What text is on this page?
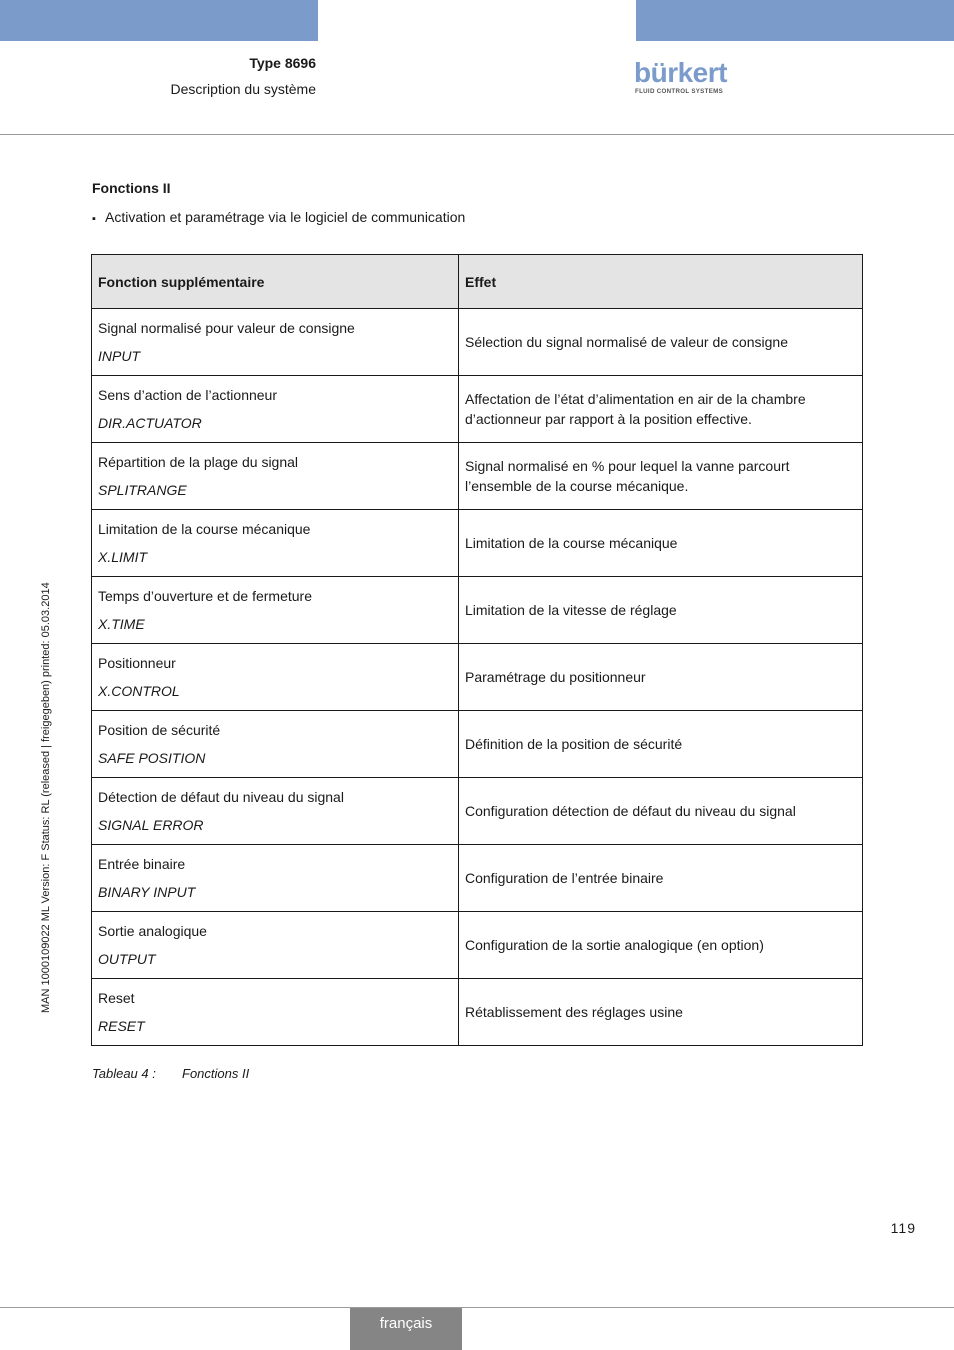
Type 8696
Description du système
bürkert
FLUID CONTROL SYSTEMS
Fonctions II
▪ Activation et paramétrage via le logiciel de communication
Fonction supplémentaire	Effet

Signal normalisé pour valeur de consigne
INPUT	Sélection du signal normalisé de valeur de consigne

Sens d’action de l’actionneur
DIR.ACTUATOR	Affectation de l’état d’alimentation en air de la chambre d’actionneur par rapport à la position effective.

Répartition de la plage du signal
SPLITRANGE	Signal normalisé en % pour lequel la vanne parcourt l’ensemble de la course mécanique.

Limitation de la course mécanique
X.LIMIT	Limitation de la course mécanique

Temps d’ouverture et de fermeture
X.TIME	Limitation de la vitesse de réglage

Positionneur
X.CONTROL	Paramétrage du positionneur

Position de sécurité
SAFE POSITION	Définition de la position de sécurité

Détection de défaut du niveau du signal
SIGNAL ERROR	Configuration détection de défaut du niveau du signal

Entrée binaire
BINARY INPUT	Configuration de l’entrée binaire

Sortie analogique
OUTPUT	Configuration de la sortie analogique (en option)

Reset
RESET	Rétablissement des réglages usine
Tableau 4 : Fonctions II
MAN 1000109022 ML Version: F Status: RL (released | freigegeben) printed: 05.03.2014
119
français
